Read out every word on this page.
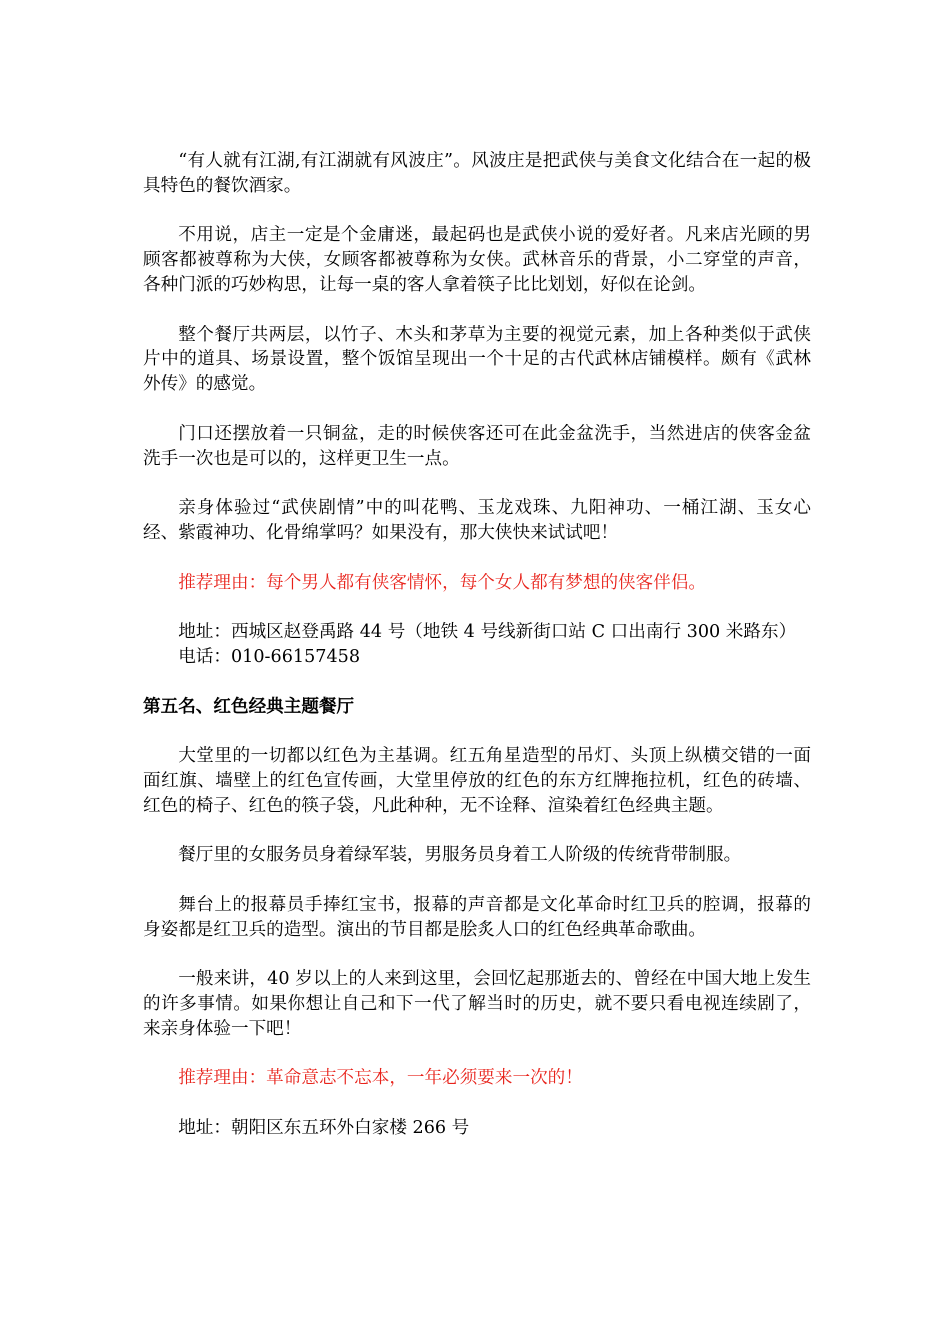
“有人就有江湖,有江湖就有风波庄”。风波庄是把武侠与美食文化结合在一起的极具特色的餐饮酒家。

不用说，店主一定是个金庸迷，最起码也是武侠小说的爱好者。凡来店光顾的男顾客都被尊称为大侠，女顾客都被尊称为女侠。武林音乐的背景，小二穿堂的声音，各种门派的巧妙构思，让每一桌的客人拿着筷子比比划划，好似在论剑。

整个餐厅共两层，以竹子、木头和茅草为主要的视觉元素，加上各种类似于武侠片中的道具、场景设置，整个饭馆呈现出一个十足的古代武林店铺模样。颇有《武林外传》的感觉。

门口还摆放着一只铜盆，走的时候侠客还可在此金盆洗手，当然进店的侠客金盆洗手一次也是可以的，这样更卫生一点。

亲身体验过“武侠剧情”中的叫花鸭、玉龙戏珠、九阳神功、一桶江湖、玉女心经、紫霞神功、化骨绵掌吗？如果没有，那大侠快来试试吧！

推荐理由：每个男人都有侠客情怀，每个女人都有梦想的侠客伴侣。

地址：西城区赵登禹路 44 号（地铁 4 号线新街口站 C 口出南行 300 米路东）

电话：010-66157458

第五名、红色经典主题餐厅

大堂里的一切都以红色为主基调。红五角星造型的吊灯、头顶上纵横交错的一面面红旗、墙壁上的红色宣传画，大堂里停放的红色的东方红牌拖拉机，红色的砖墙、红色的椅子、红色的筷子袋，凡此种种，无不诠释、渲染着红色经典主题。

餐厅里的女服务员身着绿军装，男服务员身着工人阶级的传统背带制服。

舞台上的报幕员手捧红宝书，报幕的声音都是文化革命时红卫兵的腔调，报幕的身姿都是红卫兵的造型。演出的节目都是脍炙人口的红色经典革命歌曲。

一般来讲，40 岁以上的人来到这里，会回忆起那逝去的、曾经在中国大地上发生的许多事情。如果你想让自己和下一代了解当时的历史，就不要只看电视连续剧了，来亲身体验一下吧！

推荐理由：革命意志不忘本，一年必须要来一次的！

地址：朝阳区东五环外白家楼 266 号
